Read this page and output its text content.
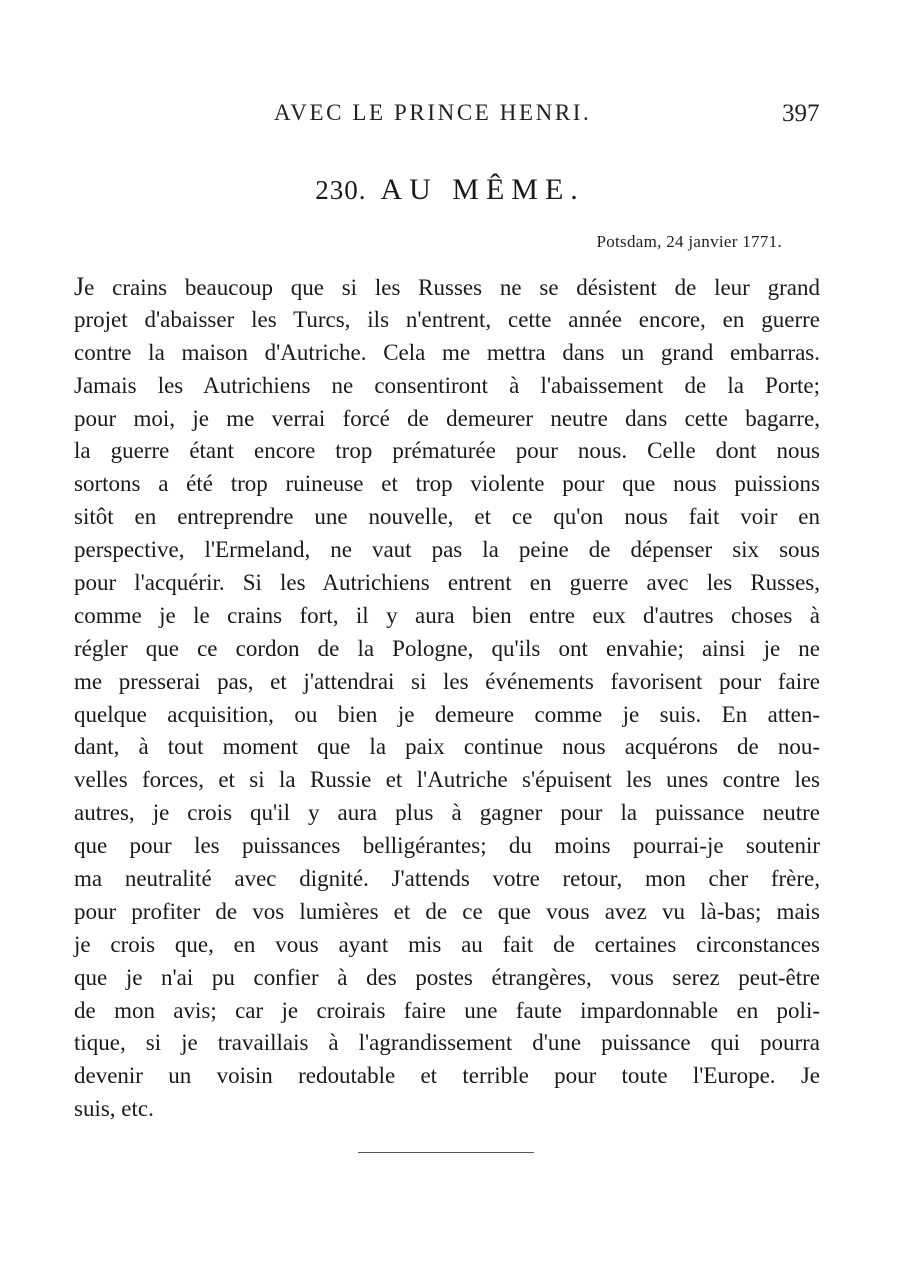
AVEC LE PRINCE HENRI.	397
230. AU MÊME.
Potsdam, 24 janvier 1771.
Je crains beaucoup que si les Russes ne se désistent de leur grand
projet d'abaisser les Turcs, ils n'entrent, cette année encore, en guerre
contre la maison d'Autriche. Cela me mettra dans un grand embarras.
Jamais les Autrichiens ne consentiront à l'abaissement de la Porte;
pour moi, je me verrai forcé de demeurer neutre dans cette bagarre,
la guerre étant encore trop prématurée pour nous. Celle dont nous
sortons a été trop ruineuse et trop violente pour que nous puissions
sitôt en entreprendre une nouvelle, et ce qu'on nous fait voir en
perspective, l'Ermeland, ne vaut pas la peine de dépenser six sous
pour l'acquérir. Si les Autrichiens entrent en guerre avec les Russes,
comme je le crains fort, il y aura bien entre eux d'autres choses à
régler que ce cordon de la Pologne, qu'ils ont envahie; ainsi je ne
me presserai pas, et j'attendrai si les événements favorisent pour faire
quelque acquisition, ou bien je demeure comme je suis. En atten-
dant, à tout moment que la paix continue nous acquérons de nou-
velles forces, et si la Russie et l'Autriche s'épuisent les unes contre les
autres, je crois qu'il y aura plus à gagner pour la puissance neutre
que pour les puissances belligérantes; du moins pourrai-je soutenir
ma neutralité avec dignité. J'attends votre retour, mon cher frère,
pour profiter de vos lumières et de ce que vous avez vu là-bas; mais
je crois que, en vous ayant mis au fait de certaines circonstances
que je n'ai pu confier à des postes étrangères, vous serez peut-être
de mon avis; car je croirais faire une faute impardonnable en poli-
tique, si je travaillais à l'agrandissement d'une puissance qui pourra
devenir un voisin redoutable et terrible pour toute l'Europe. Je
suis, etc.
